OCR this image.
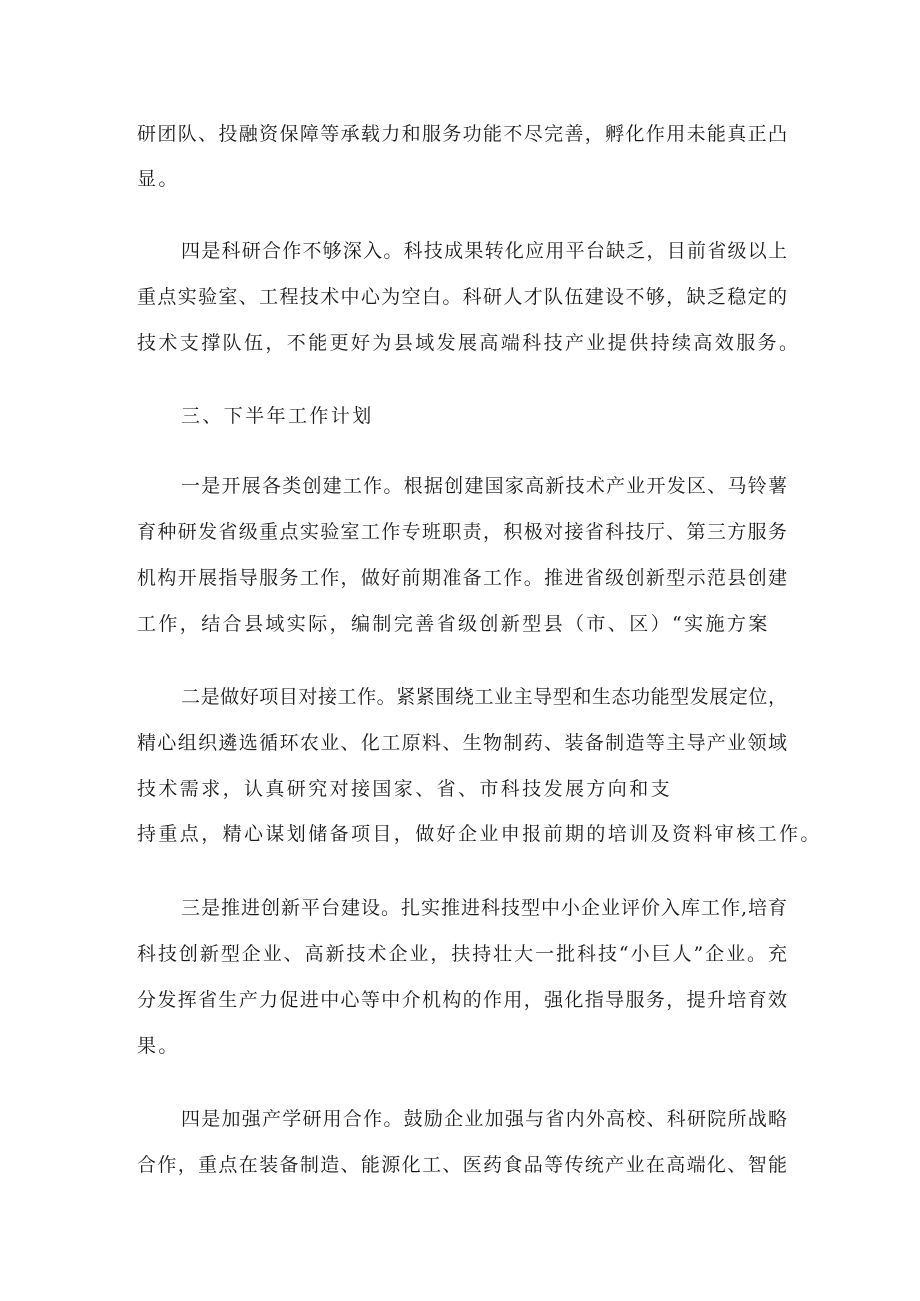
研团队、投融资保障等承载力和服务功能不尽完善，孵化作用未能真正凸
显。
四是科研合作不够深入。科技成果转化应用平台缺乏，目前省级以上
重点实验室、工程技术中心为空白。科研人才队伍建设不够，缺乏稳定的
技术支撑队伍，不能更好为县域发展高端科技产业提供持续高效服务。
三、下半年工作计划
一是开展各类创建工作。根据创建国家高新技术产业开发区、马铃薯
育种研发省级重点实验室工作专班职责，积极对接省科技厅、第三方服务
机构开展指导服务工作，做好前期准备工作。推进省级创新型示范县创建
工作，结合县域实际，编制完善省级创新型县（市、区）“实施方案
二是做好项目对接工作。紧紧围绕工业主导型和生态功能型发展定位，
精心组织遴选循环农业、化工原料、生物制药、装备制造等主导产业领域
技术需求，认真研究对接国家、省、市科技发展方向和支
持重点，精心谋划储备项目，做好企业申报前期的培训及资料审核工作。
三是推进创新平台建设。扎实推进科技型中小企业评价入库工作,培育
科技创新型企业、高新技术企业，扶持壮大一批科技“小巨人”企业。充
分发挥省生产力促进中心等中介机构的作用，强化指导服务，提升培育效
果。
四是加强产学研用合作。鼓励企业加强与省内外高校、科研院所战略
合作，重点在装备制造、能源化工、医药食品等传统产业在高端化、智能
